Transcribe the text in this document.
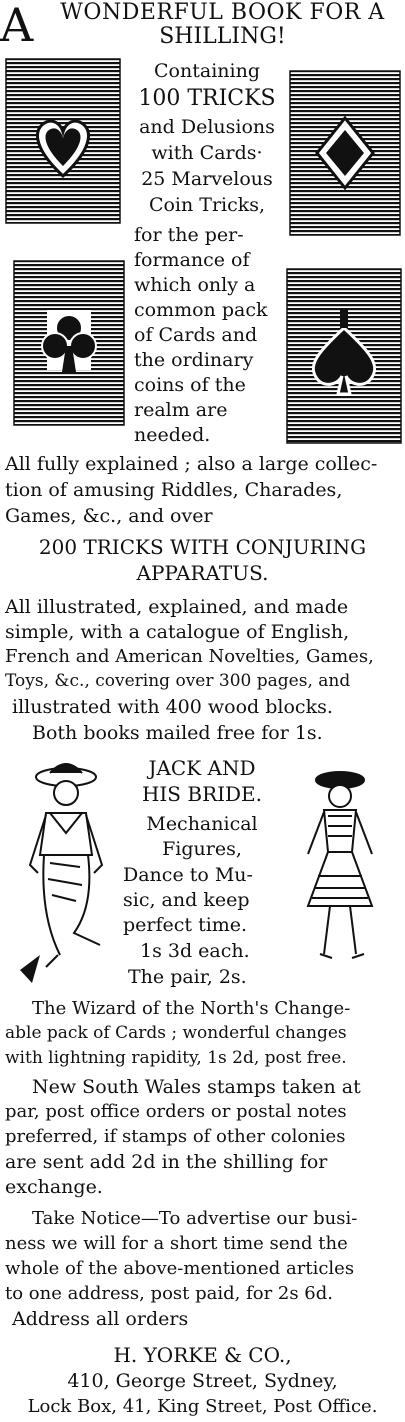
A	WONDERFUL BOOK FOR A
SHILLING!
Containing
100 TRICKS
and Delusions
with Cards·
25 Marvelous
Coin Tricks,
for the per-
formance of
which only a
common pack
of Cards and
the ordinary
coins of the
realm are
needed.
All fully explained ; also a large collec-
tion of amusing Riddles, Charades,
Games, &c., and over
200 TRICKS WITH CONJURING
APPARATUS.
All illustrated, explained, and made
simple, with a catalogue of English,
French and American Novelties, Games,
Toys, &c., covering over 300 pages, and
illustrated with 400 wood blocks.
Both books mailed free for 1s.
JACK AND
HIS BRIDE.
Mechanical
Figures,
Dance to Mu-
sic, and keep
perfect time.
1s 3d each.
The pair, 2s.
The Wizard of the North's Change-
able pack of Cards ; wonderful changes
with lightning rapidity, 1s 2d, post free.
New South Wales stamps taken at
par, post office orders or postal notes
preferred, if stamps of other colonies
are sent add 2d in the shilling for
exchange.
Take Notice—To advertise our busi-
ness we will for a short time send the
whole of the above-mentioned articles
to one address, post paid, for 2s 6d.
Address all orders
H. YORKE & CO.,
410, George Street, Sydney,
Lock Box, 41, King Street, Post Office.
